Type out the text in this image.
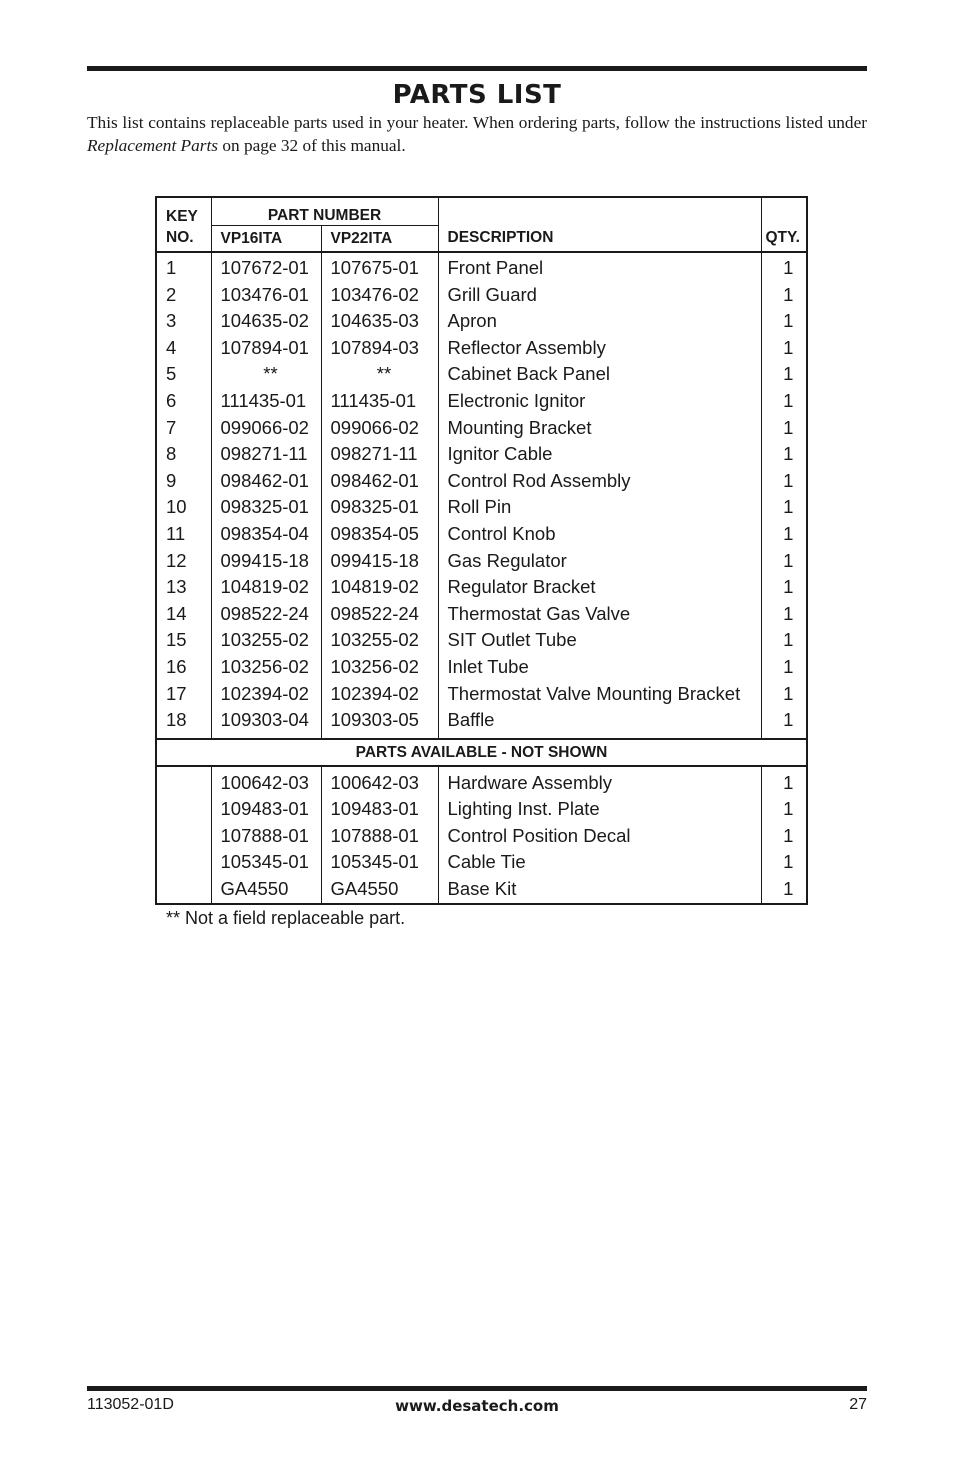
PARTS LIST
This list contains replaceable parts used in your heater. When ordering parts, follow the instructions listed under Replacement Parts on page 32 of this manual.
KEY	PART NUMBER			
NO.	VP16ITA	VP22ITA	DESCRIPTION	QTY.
1	107672-01	107675-01	Front Panel	1
2	103476-01	103476-02	Grill Guard	1
3	104635-02	104635-03	Apron	1
4	107894-01	107894-03	Reflector Assembly	1
5	**	**	Cabinet Back Panel	1
6	111435-01	111435-01	Electronic Ignitor	1
7	099066-02	099066-02	Mounting Bracket	1
8	098271-11	098271-11	Ignitor Cable	1
9	098462-01	098462-01	Control Rod Assembly	1
10	098325-01	098325-01	Roll Pin	1
11	098354-04	098354-05	Control Knob	1
12	099415-18	099415-18	Gas Regulator	1
13	104819-02	104819-02	Regulator Bracket	1
14	098522-24	098522-24	Thermostat Gas Valve	1
15	103255-02	103255-02	SIT Outlet Tube	1
16	103256-02	103256-02	Inlet Tube	1
17	102394-02	102394-02	Thermostat Valve Mounting Bracket	1
18	109303-04	109303-05	Baffle	1
PARTS AVAILABLE - NOT SHOWN				
	100642-03	100642-03	Hardware Assembly	1
	109483-01	109483-01	Lighting Inst. Plate	1
	107888-01	107888-01	Control Position Decal	1
	105345-01	105345-01	Cable Tie	1
	GA4550	GA4550	Base Kit	1
** Not a field replaceable part.
113052-01D	www.desatech.com	27
